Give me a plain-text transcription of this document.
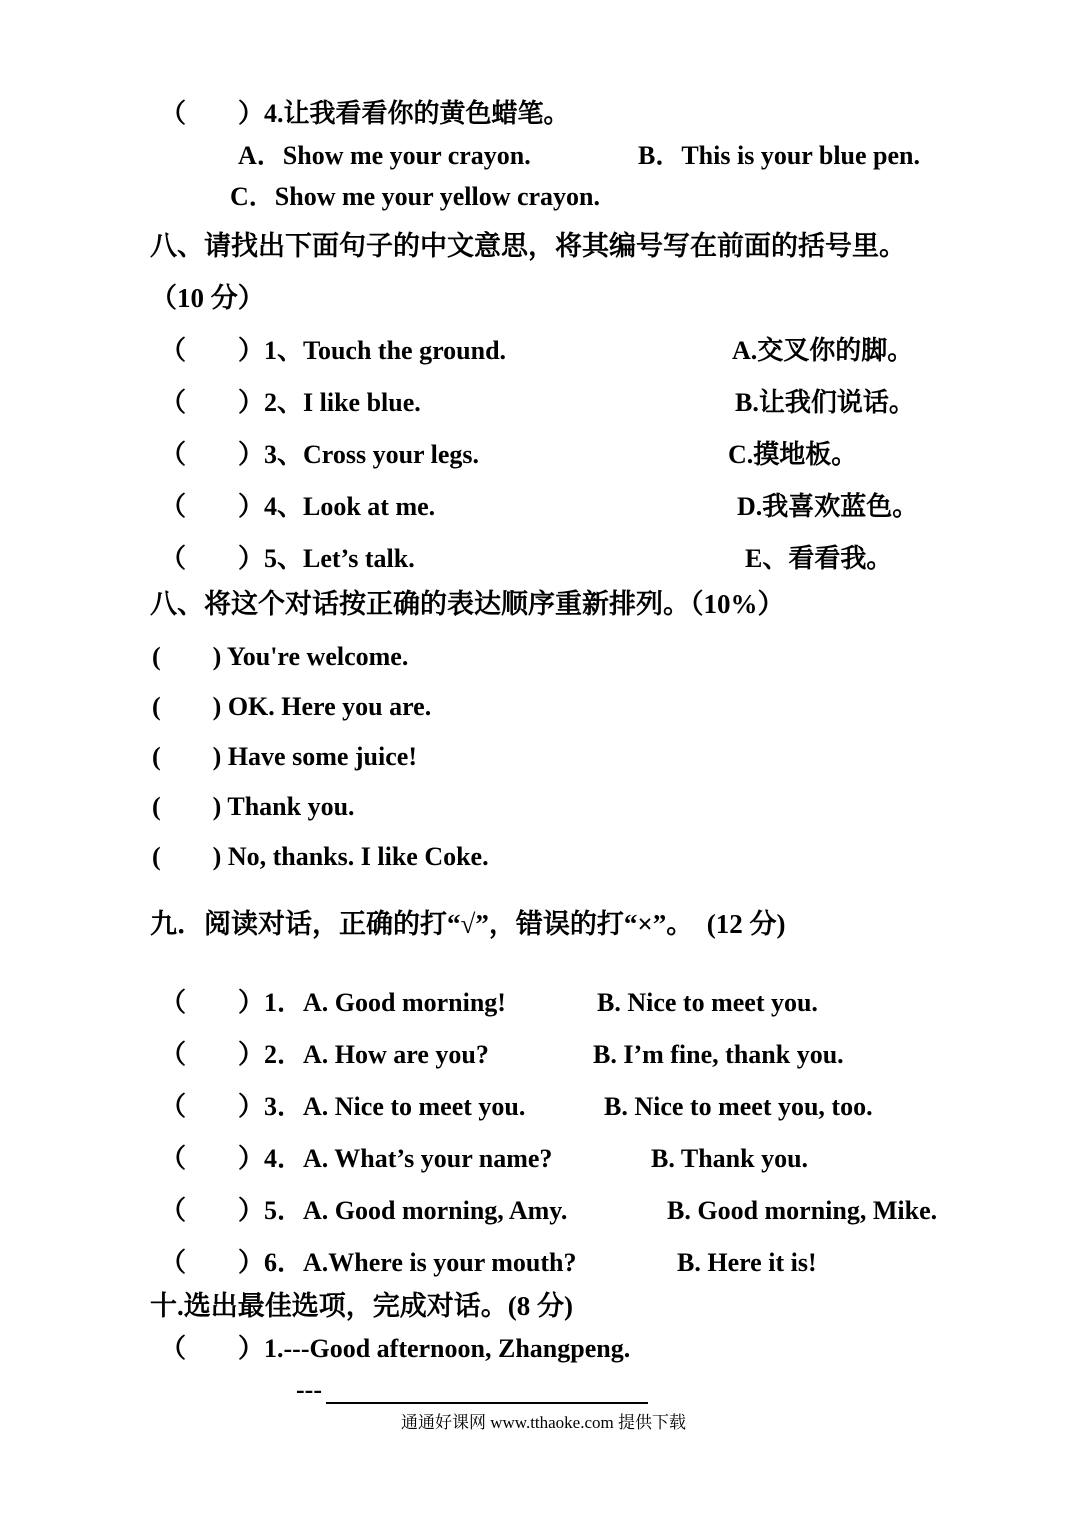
（　　）4.让我看看你的黄色蜡笔。
A．Show me your crayon.	B．This is your blue pen.
C．Show me your yellow crayon.
八、请找出下面句子的中文意思，将其编号写在前面的括号里。
（10 分）
（　　）1、Touch the ground.	A.交叉你的脚。
（　　）2、I like blue.	B.让我们说话。
（　　）3、Cross your legs.	C.摸地板。
（　　）4、Look at me.	D.我喜欢蓝色。
（　　）5、Let’s talk.	E、看看我。
八、将这个对话按正确的表达顺序重新排列。（10%）
(　　) You're welcome.
(　　) OK. Here you are.
(　　) Have some juice!
(　　) Thank you.
(　　) No, thanks. I like Coke.
九．阅读对话，正确的打“√”，错误的打“×”。　(12 分)
（　　）1．A. Good morning!	B. Nice to meet you.
（　　）2．A. How are you?	B. I’m fine, thank you.
（　　）3．A. Nice to meet you.	B. Nice to meet you, too.
（　　）4．A. What’s your name?	B. Thank you.
（　　）5．A. Good morning, Amy.	B. Good morning, Mike.
（　　）6．A.Where is your mouth?	B. Here it is!
十.选出最佳选项，完成对话。(8 分)
（　　）1.---Good afternoon, Zhangpeng.
---
通通好课网 www.tthaoke.com 提供下载
